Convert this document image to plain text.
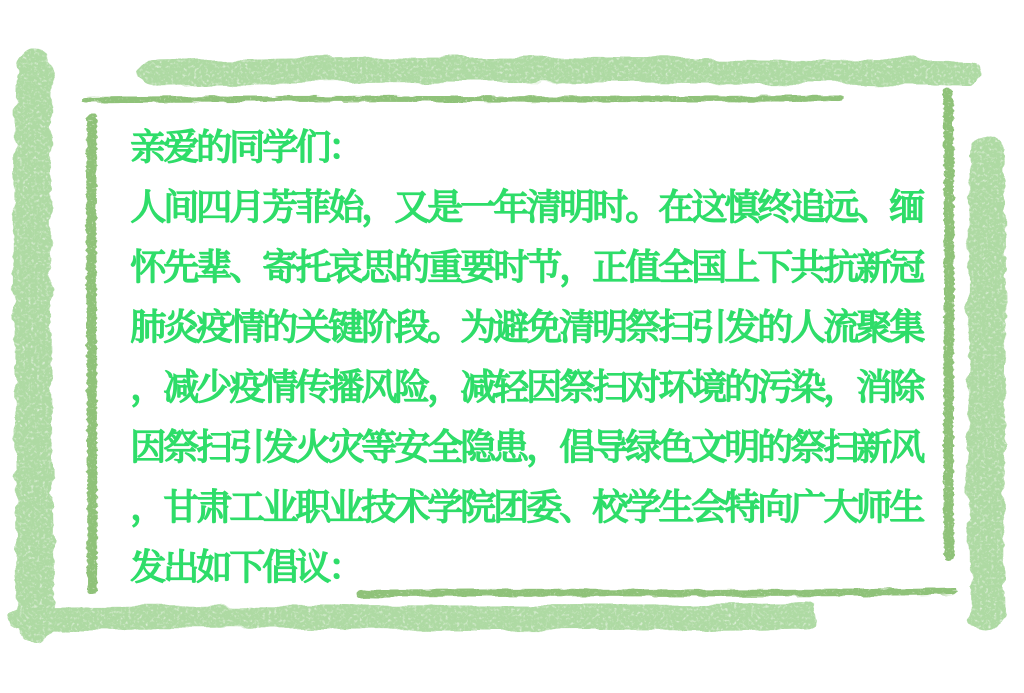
亲爱的同学们：
人间四月芳菲始，又是一年清明时。在这慎终追远、缅
怀先辈、寄托哀思的重要时节，正值全国上下共抗新冠
肺炎疫情的关键阶段。为避免清明祭扫引发的人流聚集
，减少疫情传播风险，减轻因祭扫对环境的污染，消除
因祭扫引发火灾等安全隐患，倡导绿色文明的祭扫新风
，甘肃工业职业技术学院团委、校学生会特向广大师生
发出如下倡议：
